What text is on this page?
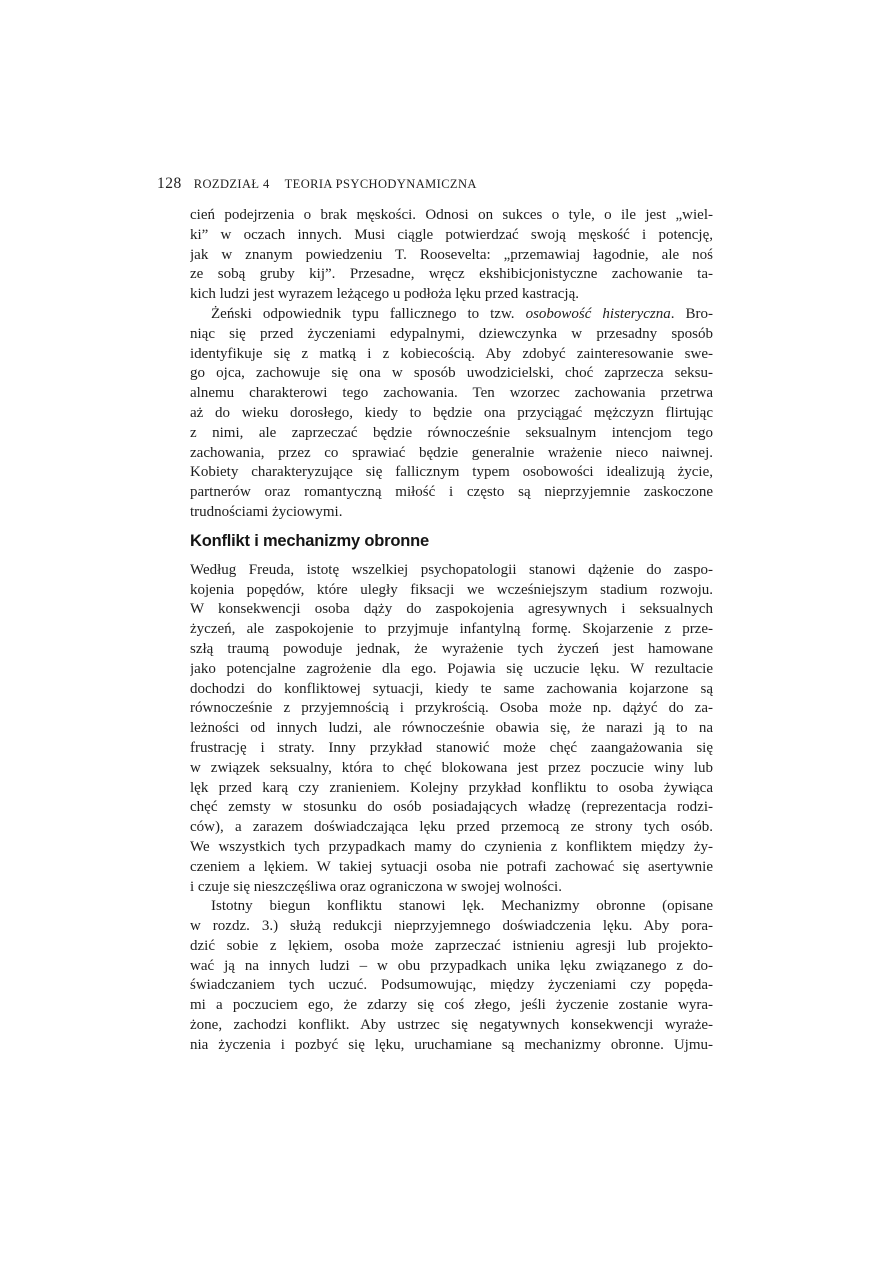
128 ROZDZIAŁ 4 TEORIA PSYCHODYNAMICZNA
cień podejrzenia o brak męskości. Odnosi on sukces o tyle, o ile jest „wiel-
ki” w oczach innych. Musi ciągle potwierdzać swoją męskość i potencję,
jak w znanym powiedzeniu T. Roosevelta: „przemawiaj łagodnie, ale noś
ze sobą gruby kij”. Przesadne, wręcz ekshibicjonistyczne zachowanie ta-
kich ludzi jest wyrazem leżącego u podłoża lęku przed kastracją.
Żeński odpowiednik typu fallicznego to tzw. osobowość histeryczna. Bro-
niąc się przed życzeniami edypalnymi, dziewczynka w przesadny sposób
identyfikuje się z matką i z kobiecością. Aby zdobyć zainteresowanie swe-
go ojca, zachowuje się ona w sposób uwodzicielski, choć zaprzecza seksu-
alnemu charakterowi tego zachowania. Ten wzorzec zachowania przetrwa
aż do wieku dorosłego, kiedy to będzie ona przyciągać mężczyzn flirtując
z nimi, ale zaprzeczać będzie równocześnie seksualnym intencjom tego
zachowania, przez co sprawiać będzie generalnie wrażenie nieco naiwnej.
Kobiety charakteryzujące się fallicznym typem osobowości idealizują życie,
partnerów oraz romantyczną miłość i często są nieprzyjemnie zaskoczone
trudnościami życiowymi.
Konflikt i mechanizmy obronne
Według Freuda, istotę wszelkiej psychopatologii stanowi dążenie do zaspo-
kojenia popędów, które uległy fiksacji we wcześniejszym stadium rozwoju.
W konsekwencji osoba dąży do zaspokojenia agresywnych i seksualnych
życzeń, ale zaspokojenie to przyjmuje infantylną formę. Skojarzenie z prze-
szłą traumą powoduje jednak, że wyrażenie tych życzeń jest hamowane
jako potencjalne zagrożenie dla ego. Pojawia się uczucie lęku. W rezultacie
dochodzi do konfliktowej sytuacji, kiedy te same zachowania kojarzone są
równocześnie z przyjemnością i przykrością. Osoba może np. dążyć do za-
leżności od innych ludzi, ale równocześnie obawia się, że narazi ją to na
frustrację i straty. Inny przykład stanowić może chęć zaangażowania się
w związek seksualny, która to chęć blokowana jest przez poczucie winy lub
lęk przed karą czy zranieniem. Kolejny przykład konfliktu to osoba żywiąca
chęć zemsty w stosunku do osób posiadających władzę (reprezentacja rodzi-
ców), a zarazem doświadczająca lęku przed przemocą ze strony tych osób.
We wszystkich tych przypadkach mamy do czynienia z konfliktem między ży-
czeniem a lękiem. W takiej sytuacji osoba nie potrafi zachować się asertywnie
i czuje się nieszczęśliwa oraz ograniczona w swojej wolności.
Istotny biegun konfliktu stanowi lęk. Mechanizmy obronne (opisane
w rozdz. 3.) służą redukcji nieprzyjemnego doświadczenia lęku. Aby pora-
dzić sobie z lękiem, osoba może zaprzeczać istnieniu agresji lub projekto-
wać ją na innych ludzi – w obu przypadkach unika lęku związanego z do-
świadczaniem tych uczuć. Podsumowując, między życzeniami czy popęda-
mi a poczuciem ego, że zdarzy się coś złego, jeśli życzenie zostanie wyra-
żone, zachodzi konflikt. Aby ustrzec się negatywnych konsekwencji wyraże-
nia życzenia i pozbyć się lęku, uruchamiane są mechanizmy obronne. Ujmu-
